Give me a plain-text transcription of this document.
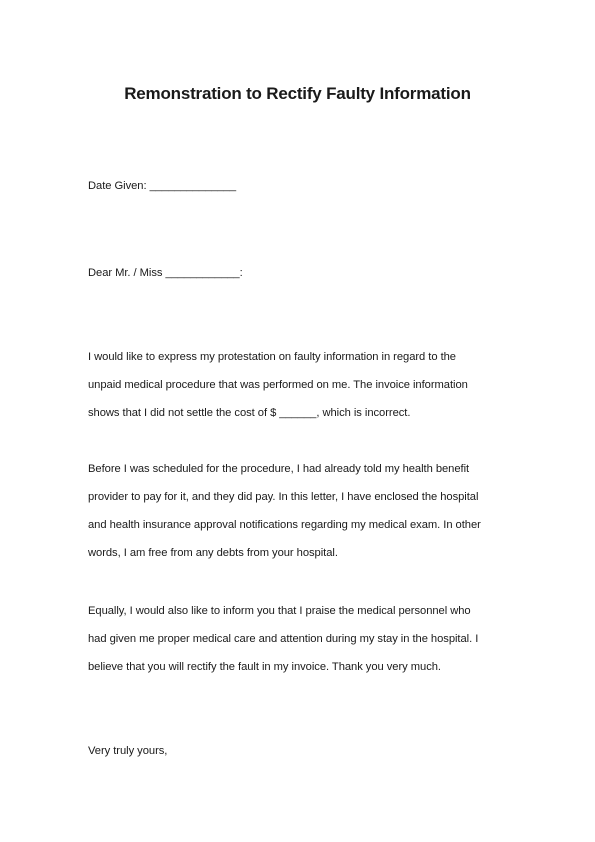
Remonstration to Rectify Faulty Information
Date Given: ______________
Dear Mr. / Miss ____________:
I would like to express my protestation on faulty information in regard to the
unpaid medical procedure that was performed on me. The invoice information
shows that I did not settle the cost of $ ______, which is incorrect.
Before I was scheduled for the procedure, I had already told my health benefit
provider to pay for it, and they did pay. In this letter, I have enclosed the hospital
and health insurance approval notifications regarding my medical exam. In other
words, I am free from any debts from your hospital.
Equally, I would also like to inform you that I praise the medical personnel who
had given me proper medical care and attention during my stay in the hospital. I
believe that you will rectify the fault in my invoice. Thank you very much.
Very truly yours,
